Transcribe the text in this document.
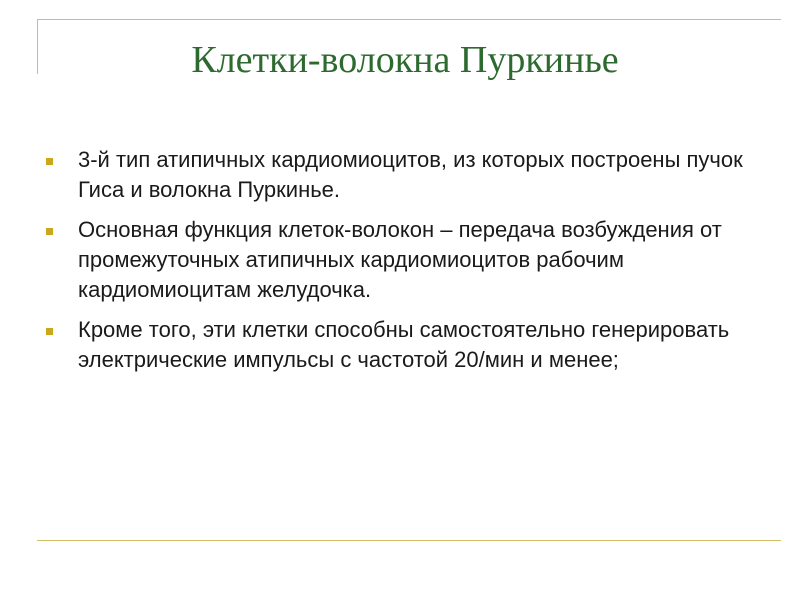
Клетки-волокна Пуркинье
3-й тип атипичных кардиомиоцитов, из которых построены пучок Гиса и волокна Пуркинье.
Основная функция клеток-волокон – передача возбуждения от промежуточных атипичных кардиомиоцитов рабочим кардиомиоцитам желудочка.
Кроме того, эти клетки способны самостоятельно генерировать электрические импульсы с частотой 20/мин и менее;
